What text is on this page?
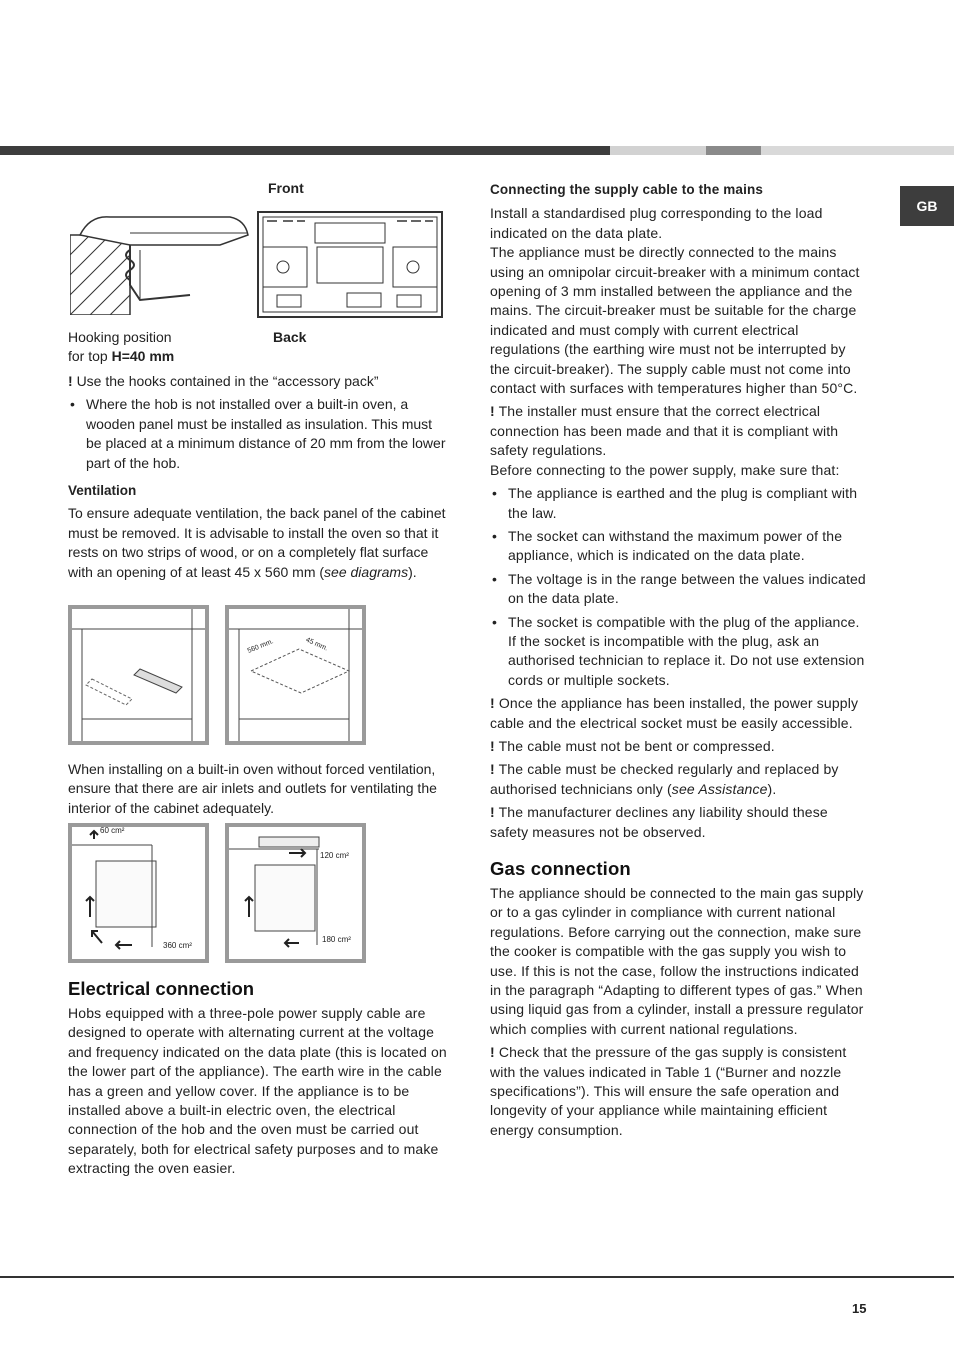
GB
Front
Hooking position
for top H=40 mm
Back

! Use the hooks contained in the “accessory pack”

• Where the hob is not installed over a built-in oven, a wooden panel must be installed as insulation. This must be placed at a minimum distance of 20 mm from the lower part of the hob.

Ventilation

To ensure adequate ventilation, the back panel of the cabinet must be removed. It is advisable to install the oven so that it rests on two strips of wood, or on a completely flat surface with an opening of at least 45 x 560 mm (see diagrams).

560 mm.	45 mm.
When installing on a built-in oven without forced ventilation, ensure that there are air inlets and outlets for ventilating the interior of the cabinet adequately.
60 cm²
360 cm²
120 cm²
180 cm²

Electrical connection

Hobs equipped with a three-pole power supply cable are designed to operate with alternating current at the voltage and frequency indicated on the data plate (this is located on the lower part of the appliance). The earth wire in the cable has a green and yellow cover. If the appliance is to be installed above a built-in electric oven, the electrical connection of the hob and the oven must be carried out separately, both for electrical safety purposes and to make extracting the oven easier.

Connecting the supply cable to the mains

Install a standardised plug corresponding to the load indicated on the data plate.

The appliance must be directly connected to the mains using an omnipolar circuit-breaker with a minimum contact opening of 3 mm installed between the appliance and the mains. The circuit-breaker must be suitable for the charge indicated and must comply with current electrical regulations (the earthing wire must not be interrupted by the circuit-breaker). The supply cable must not come into contact with surfaces with temperatures higher than 50°C.

! The installer must ensure that the correct electrical connection has been made and that it is compliant with safety regulations.

Before connecting to the power supply, make sure that:

• The appliance is earthed and the plug is compliant with the law.
• The socket can withstand the maximum power of the appliance, which is indicated on the data plate.
• The voltage is in the range between the values indicated on the data plate.
• The socket is compatible with the plug of the appliance. If the socket is incompatible with the plug, ask an authorised technician to replace it. Do not use extension cords or multiple sockets.

! Once the appliance has been installed, the power supply cable and the electrical socket must be easily accessible.

! The cable must not be bent or compressed.

! The cable must be checked regularly and replaced by authorised technicians only (see Assistance).

! The manufacturer declines any liability should these safety measures not be observed.

Gas connection

The appliance should be connected to the main gas supply or to a gas cylinder in compliance with current national regulations. Before carrying out the connection, make sure the cooker is compatible with the gas supply you wish to use. If this is not the case, follow the instructions indicated in the paragraph “Adapting to different types of gas.” When using liquid gas from a cylinder, install a pressure regulator which complies with current national regulations.

! Check that the pressure of the gas supply is consistent with the values indicated in Table 1 (“Burner and nozzle specifications”). This will ensure the safe operation and longevity of your appliance while maintaining efficient energy consumption.

15
